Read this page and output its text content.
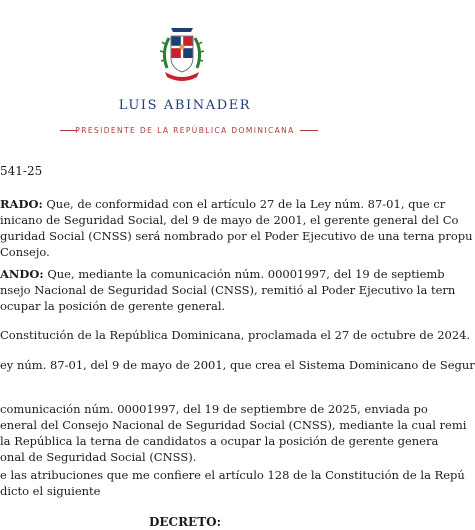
LUIS ABINADER
PRESIDENTE DE LA REPÚBLICA DOMINICANA
541-25
RADO: Que, de conformidad con el artículo 27 de la Ley núm. 87-01, que cr
inicano de Seguridad Social, del 9 de mayo de 2001, el gerente general del Co
guridad Social (CNSS) será nombrado por el Poder Ejecutivo de una terna propu
Consejo.
ANDO: Que, mediante la comunicación núm. 00001997, del 19 de septiemb
nsejo Nacional de Seguridad Social (CNSS), remitió al Poder Ejecutivo la tern
ocupar la posición de gerente general.
Constitución de la República Dominicana, proclamada el 27 de octubre de 2024.
ey núm. 87-01, del 9 de mayo de 2001, que crea el Sistema Dominicano de Segur
comunicación núm. 00001997, del 19 de septiembre de 2025, enviada po
eneral del Consejo Nacional de Seguridad Social (CNSS), mediante la cual remi
la República la terna de candidatos a ocupar la posición de gerente genera
onal de Seguridad Social (CNSS).
e las atribuciones que me confiere el artículo 128 de la Constitución de la Repú
dicto el siguiente
DECRETO:
